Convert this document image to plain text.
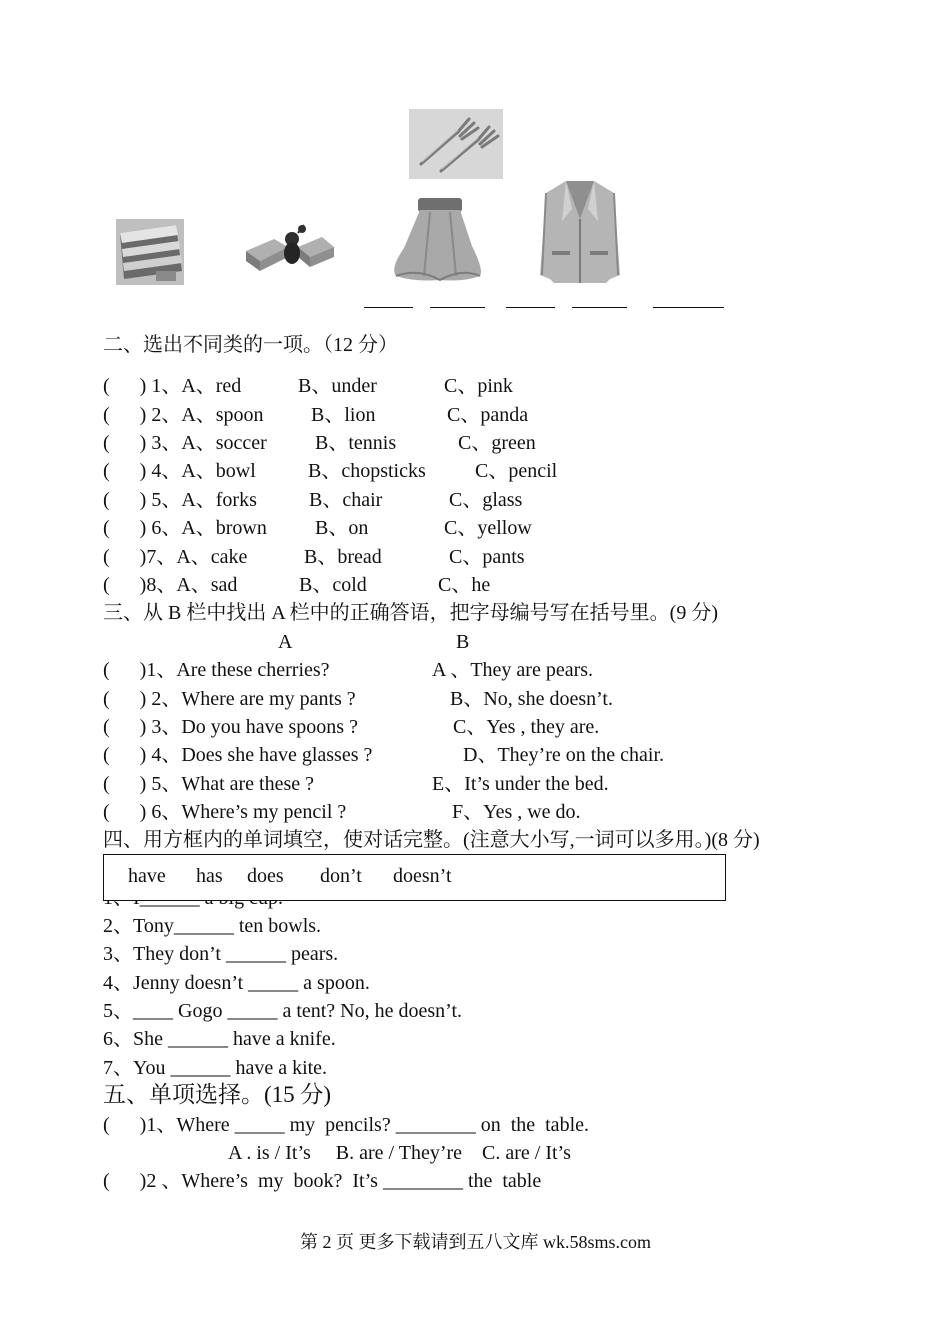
二、选出不同类的一项。（12 分）
(      ) 1、A、red	B、under	C、pink
(      ) 2、A、spoon B、lion	C、panda
(      ) 3、A、soccer B、tennis	C、green
(      ) 4、A、bowl	B、chopsticks C、pencil
(      ) 5、A、forks	B、chair	C、glass
(      ) 6、A、brown B、on	C、yellow
(      )7、A、cake	B、bread	C、pants
(      )8、A、sad	B、cold	C、he
三、从 B 栏中找出 A 栏中的正确答语，把字母编号写在括号里。(9 分)
A	B
(      )1、Are these cherries?	A 、They are pears.
(      ) 2、Where are my pants ?	B、No, she doesn’t.
(      ) 3、Do you have spoons ?	C、Yes , they are.
(      ) 4、Does she have glasses ?	D、They’re on the chair.
(      ) 5、What are these ?	E、It’s under the bed.
(      ) 6、Where’s my pencil ?	F、Yes , we do.
四、用方框内的单词填空，使对话完整。(注意大小写,一词可以多用。)(8 分)
have has does don’t doesn’t
2、Tony______ ten bowls.
3、They don’t ______ pears.
4、Jenny doesn’t _____ a spoon.
5、____ Gogo _____ a tent? No, he doesn’t.
6、She ______ have a knife.
7、You ______ have a kite.
五、单项选择。(15 分)
(      )1、Where _____ my  pencils? ________ on  the  table.
A . is / It’s     B. are / They’re    C. are / It’s
(      )2 、Where’s  my  book?  It’s ________ the  table
第 2 页 更多下载请到五八文库 wk.58sms.com
